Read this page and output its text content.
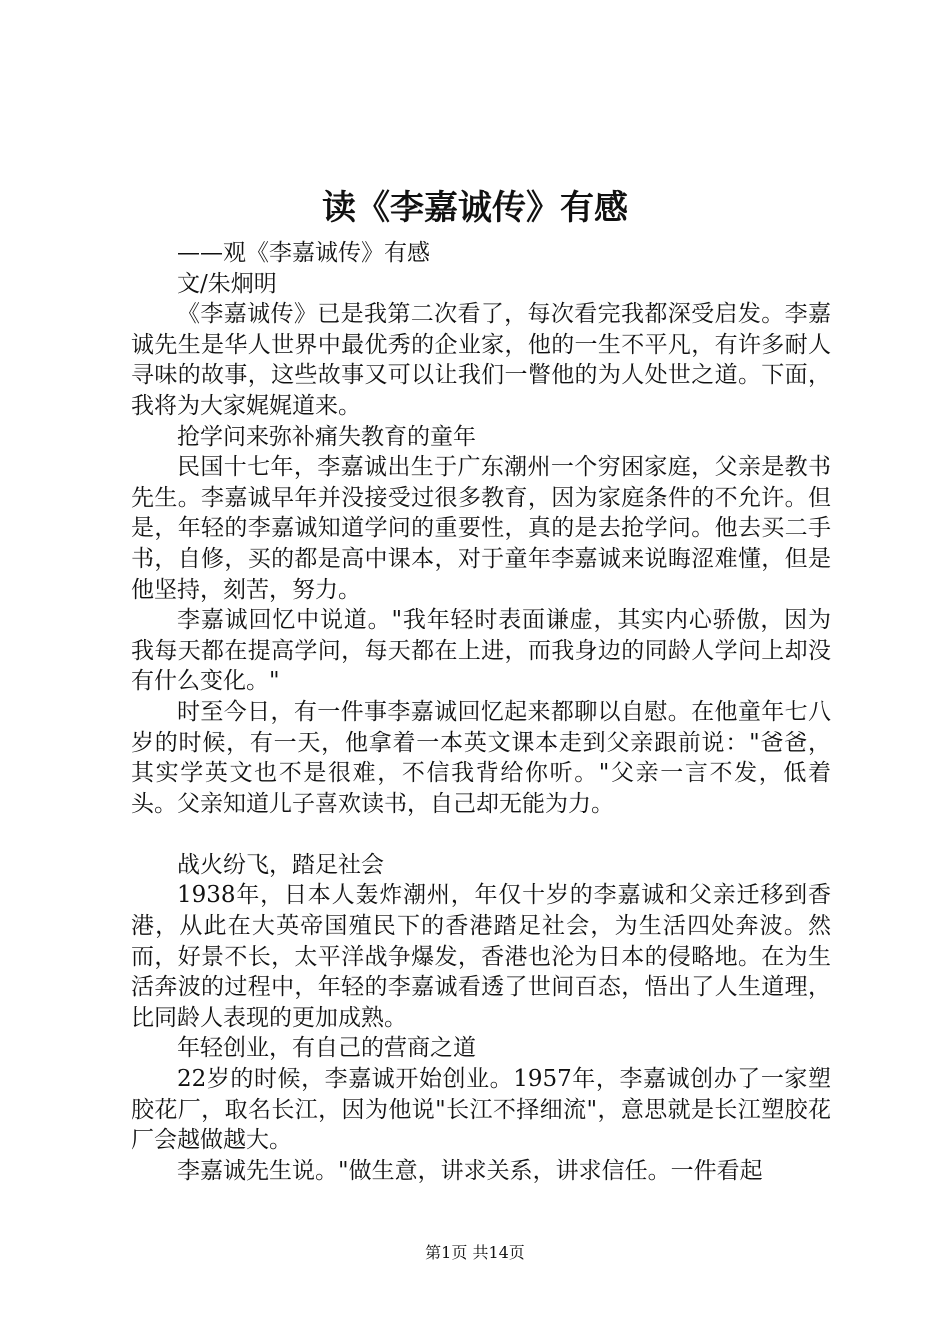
读《李嘉诚传》有感

——观《李嘉诚传》有感

文/朱炯明

《李嘉诚传》已是我第二次看了，每次看完我都深受启发。李嘉诚先生是华人世界中最优秀的企业家，他的一生不平凡，有许多耐人寻味的故事，这些故事又可以让我们一瞥他的为人处世之道。下面，我将为大家娓娓道来。

抢学问来弥补痛失教育的童年

民国十七年，李嘉诚出生于广东潮州一个穷困家庭，父亲是教书先生。李嘉诚早年并没接受过很多教育，因为家庭条件的不允许。但是，年轻的李嘉诚知道学问的重要性，真的是去抢学问。他去买二手书，自修，买的都是高中课本，对于童年李嘉诚来说晦涩难懂，但是他坚持，刻苦，努力。

李嘉诚回忆中说道。"我年轻时表面谦虚，其实内心骄傲，因为我每天都在提高学问，每天都在上进，而我身边的同龄人学问上却没有什么变化。"

时至今日，有一件事李嘉诚回忆起来都聊以自慰。在他童年七八岁的时候，有一天，他拿着一本英文课本走到父亲跟前说："爸爸，其实学英文也不是很难，不信我背给你听。"父亲一言不发，低着头。父亲知道儿子喜欢读书，自己却无能为力。

战火纷飞，踏足社会

1938年，日本人轰炸潮州，年仅十岁的李嘉诚和父亲迁移到香港，从此在大英帝国殖民下的香港踏足社会，为生活四处奔波。然而，好景不长，太平洋战争爆发，香港也沦为日本的侵略地。在为生活奔波的过程中，年轻的李嘉诚看透了世间百态，悟出了人生道理，比同龄人表现的更加成熟。

年轻创业，有自己的营商之道

22岁的时候，李嘉诚开始创业。1957年，李嘉诚创办了一家塑胶花厂，取名长江，因为他说"长江不择细流"，意思就是长江塑胶花厂会越做越大。

李嘉诚先生说。"做生意，讲求关系，讲求信任。一件看起

第1页 共14页
